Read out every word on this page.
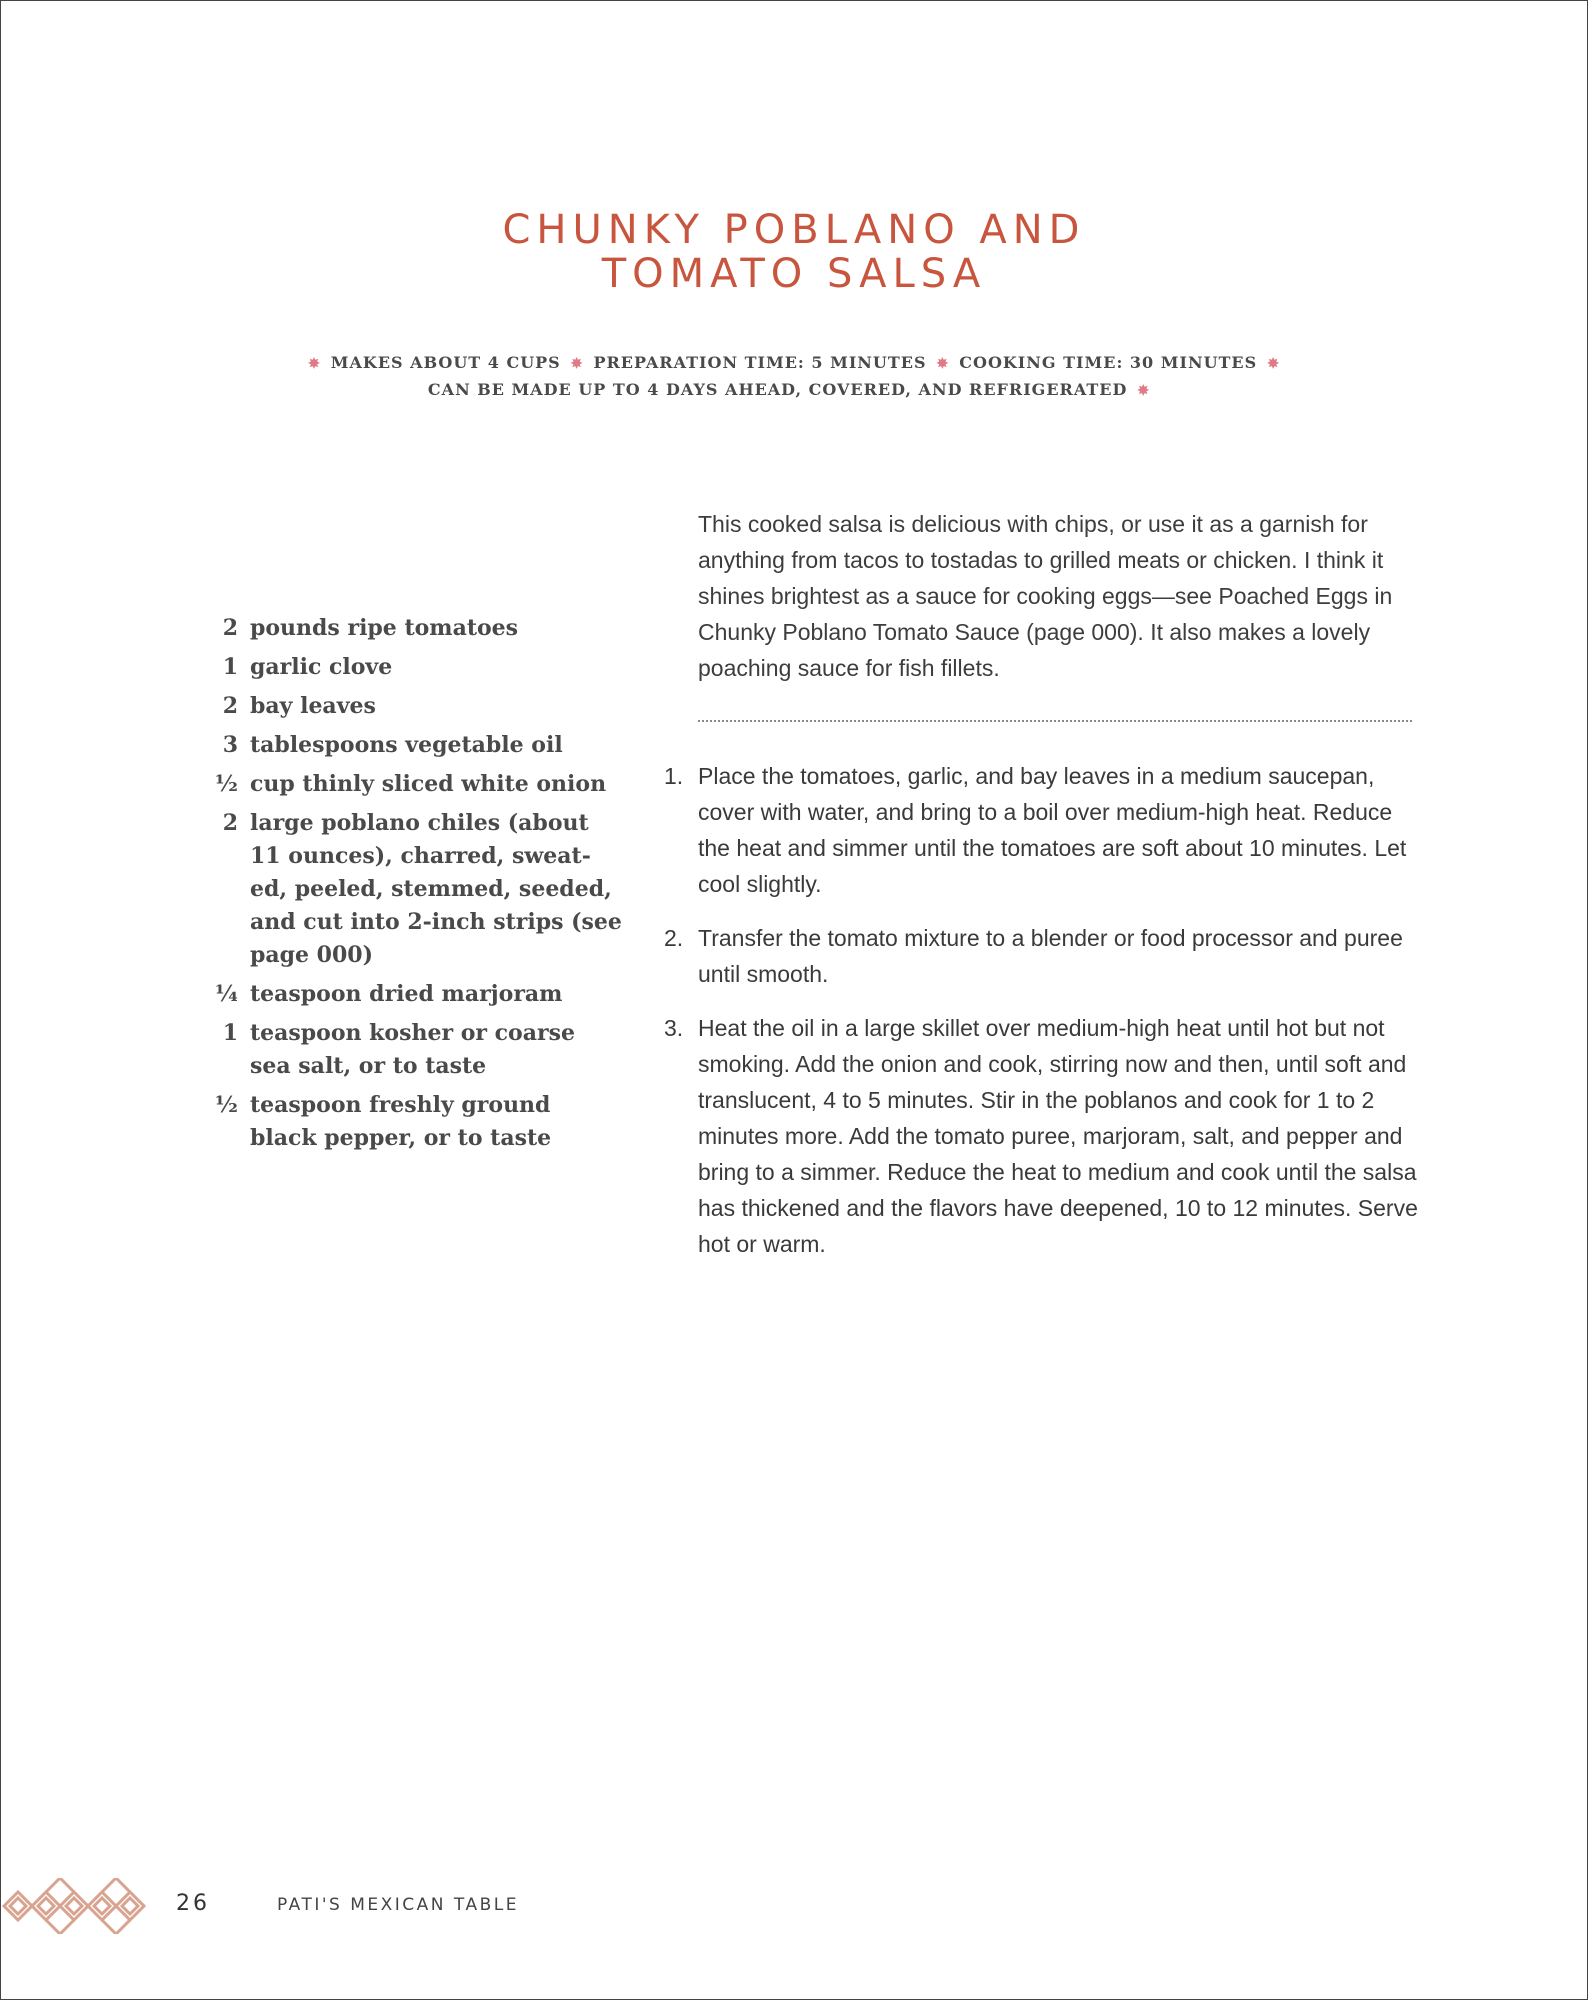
CHUNKY POBLANO AND
TOMATO SALSA
✸ MAKES ABOUT 4 CUPS ✸ PREPARATION TIME: 5 MINUTES ✸ COOKING TIME: 30 MINUTES ✸
CAN BE MADE UP TO 4 DAYS AHEAD, COVERED, AND REFRIGERATED ✸
2 pounds ripe tomatoes
1 garlic clove
2 bay leaves
3 tablespoons vegetable oil
½ cup thinly sliced white onion
2 large poblano chiles (about 11 ounces), charred, sweat-ed, peeled, stemmed, seeded, and cut into 2-inch strips (see page 000)
¼ teaspoon dried marjoram
1 teaspoon kosher or coarse sea salt, or to taste
½ teaspoon freshly ground black pepper, or to taste

This cooked salsa is delicious with chips, or use it as a garnish for anything from tacos to tostadas to grilled meats or chicken. I think it shines brightest as a sauce for cooking eggs—see Poached Eggs in Chunky Poblano Tomato Sauce (page 000). It also makes a lovely poaching sauce for fish fillets.

1. Place the tomatoes, garlic, and bay leaves in a medium saucepan, cover with water, and bring to a boil over medium-high heat. Reduce the heat and simmer until the tomatoes are soft about 10 minutes. Let cool slightly.
2. Transfer the tomato mixture to a blender or food processor and puree until smooth.
3. Heat the oil in a large skillet over medium-high heat until hot but not smoking. Add the onion and cook, stirring now and then, until soft and translucent, 4 to 5 minutes. Stir in the poblanos and cook for 1 to 2 minutes more. Add the tomato puree, marjoram, salt, and pepper and bring to a simmer. Reduce the heat to medium and cook until the salsa has thickened and the flavors have deepened, 10 to 12 minutes. Serve hot or warm.
26	PATI'S MEXICAN TABLE
